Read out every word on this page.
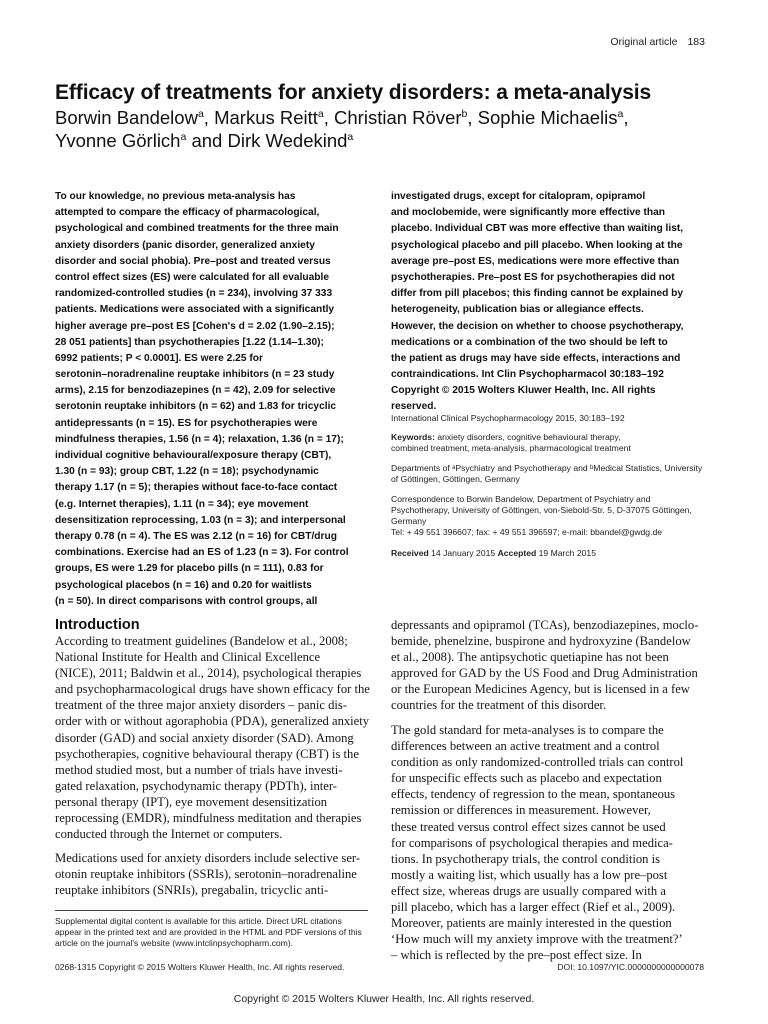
Original article 183
Efficacy of treatments for anxiety disorders: a meta-analysis
Borwin Bandelow$^a$, Markus Reitt$^a$, Christian Röver$^b$, Sophie Michaelis$^a$,
Yvonne Görlich$^a$ and Dirk Wedekind$^a$
To our knowledge, no previous meta-analysis has
attempted to compare the efficacy of pharmacological,
psychological and combined treatments for the three main
anxiety disorders (panic disorder, generalized anxiety
disorder and social phobia). Pre–post and treated versus
control effect sizes (ES) were calculated for all evaluable
randomized-controlled studies (n = 234), involving 37 333
patients. Medications were associated with a significantly
higher average pre–post ES [Cohen's d = 2.02 (1.90–2.15);
28 051 patients] than psychotherapies [1.22 (1.14–1.30);
6992 patients; P < 0.0001]. ES were 2.25 for
serotonin–noradrenaline reuptake inhibitors (n = 23 study
arms), 2.15 for benzodiazepines (n = 42), 2.09 for selective
serotonin reuptake inhibitors (n = 62) and 1.83 for tricyclic
antidepressants (n = 15). ES for psychotherapies were
mindfulness therapies, 1.56 (n = 4); relaxation, 1.36 (n = 17);
individual cognitive behavioural/exposure therapy (CBT),
1.30 (n = 93); group CBT, 1.22 (n = 18); psychodynamic
therapy 1.17 (n = 5); therapies without face-to-face contact
(e.g. Internet therapies), 1.11 (n = 34); eye movement
desensitization reprocessing, 1.03 (n = 3); and interpersonal
therapy 0.78 (n = 4). The ES was 2.12 (n = 16) for CBT/drug
combinations. Exercise had an ES of 1.23 (n = 3). For control
groups, ES were 1.29 for placebo pills (n = 111), 0.83 for
psychological placebos (n = 16) and 0.20 for waitlists
(n = 50). In direct comparisons with control groups, all
investigated drugs, except for citalopram, opipramol
and moclobemide, were significantly more effective than
placebo. Individual CBT was more effective than waiting list,
psychological placebo and pill placebo. When looking at the
average pre–post ES, medications were more effective than
psychotherapies. Pre–post ES for psychotherapies did not
differ from pill placebos; this finding cannot be explained by
heterogeneity, publication bias or allegiance effects.
However, the decision on whether to choose psychotherapy,
medications or a combination of the two should be left to
the patient as drugs may have side effects, interactions and
contraindications. Int Clin Psychopharmacol 30:183–192
Copyright © 2015 Wolters Kluwer Health, Inc. All rights
reserved.
International Clinical Psychopharmacology 2015, 30:183–192
Keywords: anxiety disorders, cognitive behavioural therapy,
combined treatment, meta-analysis, pharmacological treatment
Departments of ᵃPsychiatry and Psychotherapy and ᵇMedical Statistics, University
of Göttingen, Göttingen, Germany
Correspondence to Borwin Bandelow, Department of Psychiatry and
Psychotherapy, University of Göttingen, von-Siebold-Str. 5, D-37075 Göttingen,
Germany
Tel: + 49 551 396607; fax: + 49 551 396597; e-mail: bbandel@gwdg.de
Received 14 January 2015 Accepted 19 March 2015
Introduction
According to treatment guidelines (Bandelow et al., 2008;
National Institute for Health and Clinical Excellence
(NICE), 2011; Baldwin et al., 2014), psychological therapies
and psychopharmacological drugs have shown efficacy for the
treatment of the three major anxiety disorders – panic dis-
order with or without agoraphobia (PDA), generalized anxiety
disorder (GAD) and social anxiety disorder (SAD). Among
psychotherapies, cognitive behavioural therapy (CBT) is the
method studied most, but a number of trials have investi-
gated relaxation, psychodynamic therapy (PDTh), inter-
personal therapy (IPT), eye movement desensitization
reprocessing (EMDR), mindfulness meditation and therapies
conducted through the Internet or computers.
Medications used for anxiety disorders include selective ser-
otonin reuptake inhibitors (SSRIs), serotonin–noradrenaline
reuptake inhibitors (SNRIs), pregabalin, tricyclic anti-
depressants and opipramol (TCAs), benzodiazepines, moclo-
bemide, phenelzine, buspirone and hydroxyzine (Bandelow
et al., 2008). The antipsychotic quetiapine has not been
approved for GAD by the US Food and Drug Administration
or the European Medicines Agency, but is licensed in a few
countries for the treatment of this disorder.
The gold standard for meta-analyses is to compare the
differences between an active treatment and a control
condition as only randomized-controlled trials can control
for unspecific effects such as placebo and expectation
effects, tendency of regression to the mean, spontaneous
remission or differences in measurement. However,
these treated versus control effect sizes cannot be used
for comparisons of psychological therapies and medica-
tions. In psychotherapy trials, the control condition is
mostly a waiting list, which usually has a low pre–post
effect size, whereas drugs are usually compared with a
pill placebo, which has a larger effect (Rief et al., 2009).
Moreover, patients are mainly interested in the question
‘How much will my anxiety improve with the treatment?’
– which is reflected by the pre–post effect size. In
Supplemental digital content is available for this article. Direct URL citations
appear in the printed text and are provided in the HTML and PDF versions of this
article on the journal's website (www.intclinpsychopharm.com).
0268-1315 Copyright © 2015 Wolters Kluwer Health, Inc. All rights reserved.	DOI: 10.1097/YIC.0000000000000078
Copyright © 2015 Wolters Kluwer Health, Inc. All rights reserved.
